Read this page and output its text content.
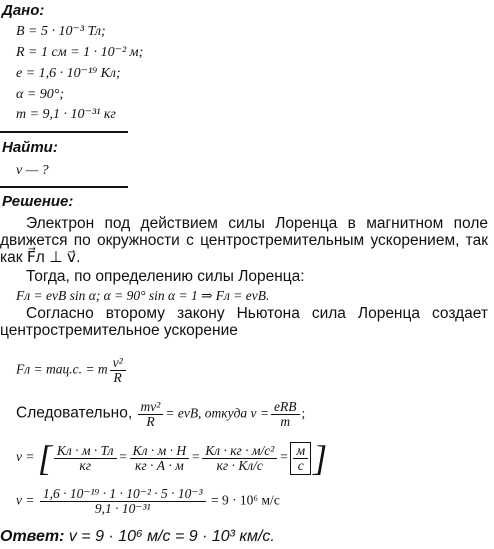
Дано:
B = 5 · 10⁻³ Тл;
R = 1 см = 1 · 10⁻² м;
e = 1,6 · 10⁻¹⁹ Кл;
α = 90°;
m = 9,1 · 10⁻³¹ кг
Найти:
v — ?
Решение:
Электрон под действием силы Лоренца в магнитном поле движется по окружности с центростремительным ускорением, так как F⃗л ⊥ v⃗.
Тогда, по определению силы Лоренца:
Fл = evB sin α; α = 90° sin α = 1 ⇒ Fл = evB.
Согласно второму закону Ньютона сила Лоренца создает центростремительное ускорение
Fл = maц.с. = m $\frac{\text{v²}}{R}$
Следовательно, $\frac{\text{mv²}}{R}$ = evB, откуда $v = \frac{\text{eRB}}{m}$ ;
v = [ $\frac{Кл \cdot м \cdot Тл}{кг} = \frac{Кл \cdot м \cdot Н}{кг \cdot А \cdot м} = \frac{\text{Кл · кг · м/с²}}{кг \cdot Кл/с} = \frac{м}{с}$ ]
$v = \frac{\text{1,6 · 10⁻¹⁹ · 1 · 10⁻² · 5 · 10⁻³}}{\text{9,1 · 10⁻³¹}} = 9 \cdot 10^6$ м/с
Ответ: v = 9 · 10⁶ м/с = 9 · 10³ км/с.
